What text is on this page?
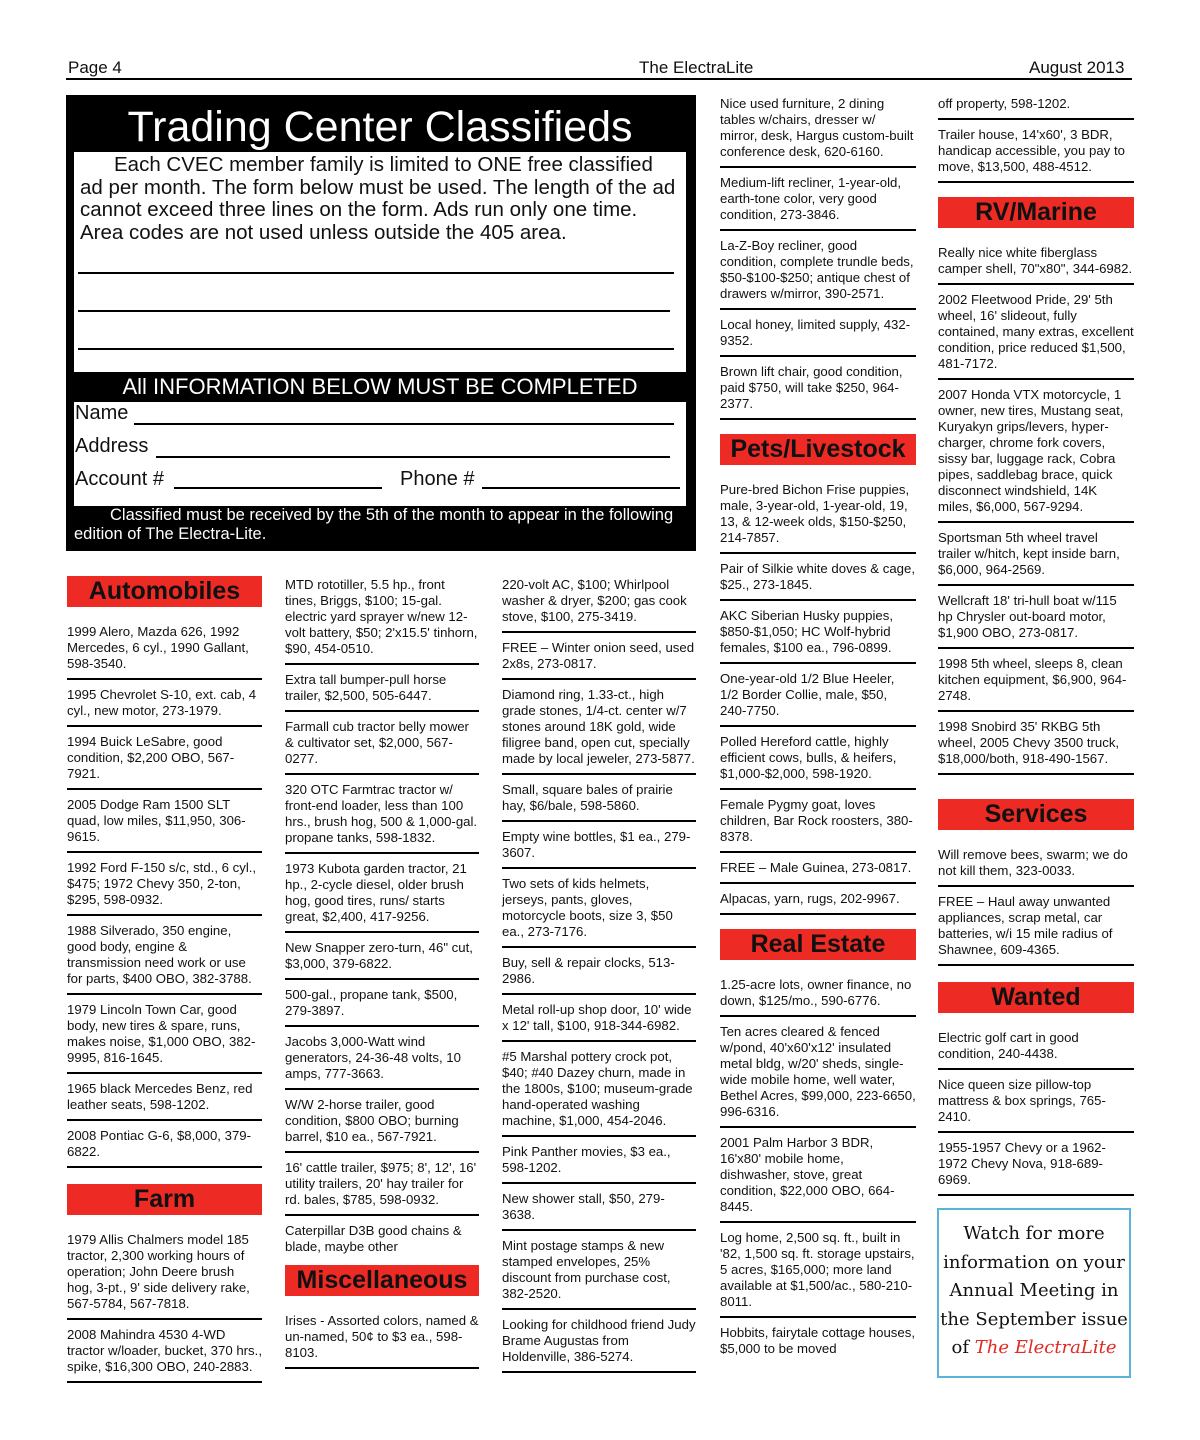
Page 4	The ElectraLite	August 2013
Trading Center Classifieds
Each CVEC member family is limited to ONE free classified ad per month. The form below must be used. The length of the ad cannot exceed three lines on the form. Ads run only one time. Area codes are not used unless outside the 405 area.
All INFORMATION BELOW MUST BE COMPLETED
Name
Address
Account #	Phone #
Classified must be received by the 5th of the month to appear in the following edition of The Electra-Lite.
Automobiles
1999 Alero, Mazda 626, 1992 Mercedes, 6 cyl., 1990 Gallant, 598-3540.
1995 Chevrolet S-10, ext. cab, 4 cyl., new motor, 273-1979.
1994 Buick LeSabre, good condition, $2,200 OBO, 567-7921.
2005 Dodge Ram 1500 SLT quad, low miles, $11,950, 306-9615.
1992 Ford F-150 s/c, std., 6 cyl., $475; 1972 Chevy 350, 2-ton, $295, 598-0932.
1988 Silverado, 350 engine, good body, engine & transmission need work or use for parts, $400 OBO, 382-3788.
1979 Lincoln Town Car, good body, new tires & spare, runs, makes noise, $1,000 OBO, 382-9995, 816-1645.
1965 black Mercedes Benz, red leather seats, 598-1202.
2008 Pontiac G-6, $8,000, 379-6822.
Farm
1979 Allis Chalmers model 185 tractor, 2,300 working hours of operation; John Deere brush hog, 3-pt., 9' side delivery rake, 567-5784, 567-7818.
2008 Mahindra 4530 4-WD tractor w/loader, bucket, 370 hrs., spike, $16,300 OBO, 240-2883.
MTD rototiller, 5.5 hp., front tines, Briggs, $100; 15-gal. electric yard sprayer w/new 12-volt battery, $50; 2'x15.5' tinhorn, $90, 454-0510.
Extra tall bumper-pull horse trailer, $2,500, 505-6447.
Farmall cub tractor belly mower & cultivator set, $2,000, 567-0277.
320 OTC Farmtrac tractor w/ front-end loader, less than 100 hrs., brush hog, 500 & 1,000-gal. propane tanks, 598-1832.
1973 Kubota garden tractor, 21 hp., 2-cycle diesel, older brush hog, good tires, runs/ starts great, $2,400, 417-9256.
New Snapper zero-turn, 46" cut, $3,000, 379-6822.
500-gal., propane tank, $500, 279-3897.
Jacobs 3,000-Watt wind generators, 24-36-48 volts, 10 amps, 777-3663.
W/W 2-horse trailer, good condition, $800 OBO; burning barrel, $10 ea., 567-7921.
16' cattle trailer, $975; 8', 12', 16' utility trailers, 20' hay trailer for rd. bales, $785, 598-0932.
Caterpillar D3B good chains & blade, maybe other
Miscellaneous
Irises - Assorted colors, named & un-named, 50¢ to $3 ea., 598-8103.
220-volt AC, $100; Whirlpool washer & dryer, $200; gas cook stove, $100, 275-3419.
FREE – Winter onion seed, used 2x8s, 273-0817.
Diamond ring, 1.33-ct., high grade stones, 1/4-ct. center w/7 stones around 18K gold, wide filigree band, open cut, specially made by local jeweler, 273-5877.
Small, square bales of prairie hay, $6/bale, 598-5860.
Empty wine bottles, $1 ea., 279-3607.
Two sets of kids helmets, jerseys, pants, gloves, motorcycle boots, size 3, $50 ea., 273-7176.
Buy, sell & repair clocks, 513-2986.
Metal roll-up shop door, 10' wide x 12' tall, $100, 918-344-6982.
#5 Marshal pottery crock pot, $40; #40 Dazey churn, made in the 1800s, $100; museum-grade hand-operated washing machine, $1,000, 454-2046.
Pink Panther movies, $3 ea., 598-1202.
New shower stall, $50, 279-3638.
Mint postage stamps & new stamped envelopes, 25% discount from purchase cost, 382-2520.
Looking for childhood friend Judy Brame Augustas from Holdenville, 386-5274.
Nice used furniture, 2 dining tables w/chairs, dresser w/ mirror, desk, Hargus custom-built conference desk, 620-6160.
Medium-lift recliner, 1-year-old, earth-tone color, very good condition, 273-3846.
La-Z-Boy recliner, good condition, complete trundle beds, $50-$100-$250; antique chest of drawers w/mirror, 390-2571.
Local honey, limited supply, 432-9352.
Brown lift chair, good condition, paid $750, will take $250, 964-2377.
Pets/Livestock
Pure-bred Bichon Frise puppies, male, 3-year-old, 1-year-old, 19, 13, & 12-week olds, $150-$250, 214-7857.
Pair of Silkie white doves & cage, $25., 273-1845.
AKC Siberian Husky puppies, $850-$1,050; HC Wolf-hybrid females, $100 ea., 796-0899.
One-year-old 1/2 Blue Heeler, 1/2 Border Collie, male, $50, 240-7750.
Polled Hereford cattle, highly efficient cows, bulls, & heifers, $1,000-$2,000, 598-1920.
Female Pygmy goat, loves children, Bar Rock roosters, 380-8378.
FREE – Male Guinea, 273-0817.
Alpacas, yarn, rugs, 202-9967.
Real Estate
1.25-acre lots, owner finance, no down, $125/mo., 590-6776.
Ten acres cleared & fenced w/pond, 40'x60'x12' insulated metal bldg, w/20' sheds, single-wide mobile home, well water, Bethel Acres, $99,000, 223-6650, 996-6316.
2001 Palm Harbor 3 BDR, 16'x80' mobile home, dishwasher, stove, great condition, $22,000 OBO, 664-8445.
Log home, 2,500 sq. ft., built in '82, 1,500 sq. ft. storage upstairs, 5 acres, $165,000; more land available at $1,500/ac., 580-210-8011.
Hobbits, fairytale cottage houses, $5,000 to be moved
off property, 598-1202.
Trailer house, 14'x60', 3 BDR, handicap accessible, you pay to move, $13,500, 488-4512.
RV/Marine
Really nice white fiberglass camper shell, 70"x80", 344-6982.
2002 Fleetwood Pride, 29' 5th wheel, 16' slideout, fully contained, many extras, excellent condition, price reduced $1,500, 481-7172.
2007 Honda VTX motorcycle, 1 owner, new tires, Mustang seat, Kuryakyn grips/levers, hyper-charger, chrome fork covers, sissy bar, luggage rack, Cobra pipes, saddlebag brace, quick disconnect windshield, 14K miles, $6,000, 567-9294.
Sportsman 5th wheel travel trailer w/hitch, kept inside barn, $6,000, 964-2569.
Wellcraft 18' tri-hull boat w/115 hp Chrysler out-board motor, $1,900 OBO, 273-0817.
1998 5th wheel, sleeps 8, clean kitchen equipment, $6,900, 964-2748.
1998 Snobird 35' RKBG 5th wheel, 2005 Chevy 3500 truck, $18,000/both, 918-490-1567.
Services
Will remove bees, swarm; we do not kill them, 323-0033.
FREE – Haul away unwanted appliances, scrap metal, car batteries, w/i 15 mile radius of Shawnee, 609-4365.
Wanted
Electric golf cart in good condition, 240-4438.
Nice queen size pillow-top mattress & box springs, 765-2410.
1955-1957 Chevy or a 1962-1972 Chevy Nova, 918-689-6969.
Watch for more information on your Annual Meeting in the September issue of The ElectraLite
